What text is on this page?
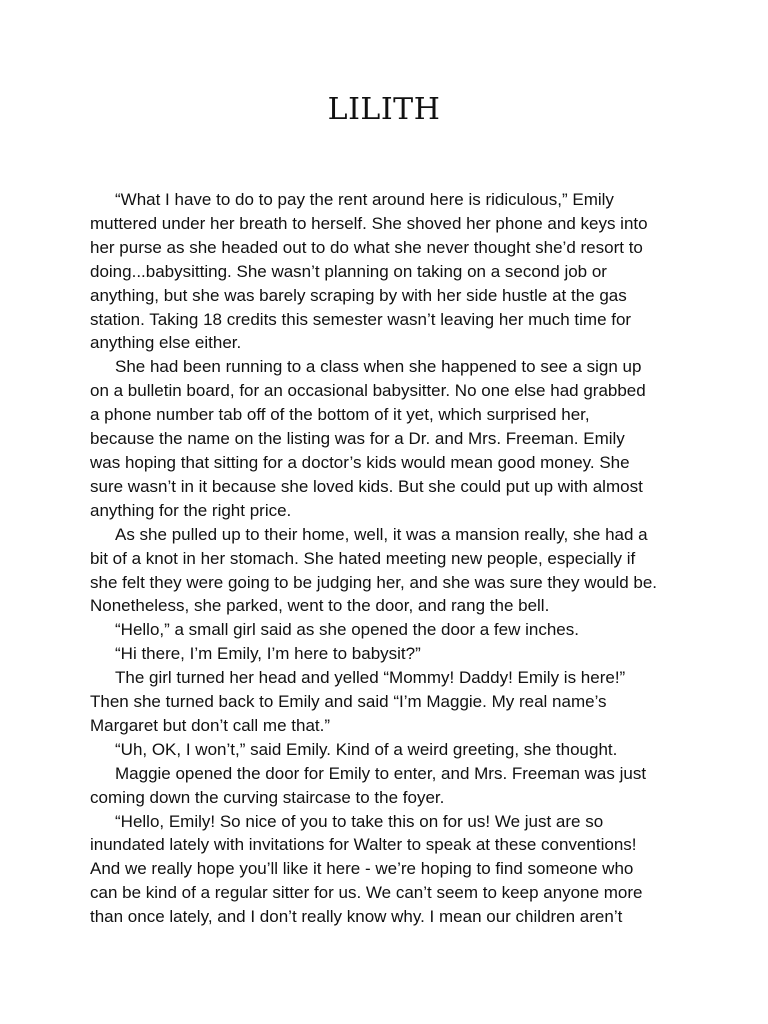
LILITH

“What I have to do to pay the rent around here is ridiculous,” Emily
muttered under her breath to herself. She shoved her phone and keys into
her purse as she headed out to do what she never thought she’d resort to
doing...babysitting. She wasn’t planning on taking on a second job or
anything, but she was barely scraping by with her side hustle at the gas
station. Taking 18 credits this semester wasn’t leaving her much time for
anything else either.

She had been running to a class when she happened to see a sign up
on a bulletin board, for an occasional babysitter. No one else had grabbed
a phone number tab off of the bottom of it yet, which surprised her,
because the name on the listing was for a Dr. and Mrs. Freeman. Emily
was hoping that sitting for a doctor’s kids would mean good money. She
sure wasn’t in it because she loved kids. But she could put up with almost
anything for the right price.

As she pulled up to their home, well, it was a mansion really, she had a
bit of a knot in her stomach. She hated meeting new people, especially if
she felt they were going to be judging her, and she was sure they would be.
Nonetheless, she parked, went to the door, and rang the bell.

“Hello,” a small girl said as she opened the door a few inches.

“Hi there, I’m Emily, I’m here to babysit?”

The girl turned her head and yelled “Mommy! Daddy! Emily is here!”
Then she turned back to Emily and said “I’m Maggie. My real name’s
Margaret but don’t call me that.”

“Uh, OK, I won’t,” said Emily. Kind of a weird greeting, she thought.

Maggie opened the door for Emily to enter, and Mrs. Freeman was just
coming down the curving staircase to the foyer.

“Hello, Emily! So nice of you to take this on for us! We just are so
inundated lately with invitations for Walter to speak at these conventions!
And we really hope you’ll like it here - we’re hoping to find someone who
can be kind of a regular sitter for us. We can’t seem to keep anyone more
than once lately, and I don’t really know why. I mean our children aren’t
